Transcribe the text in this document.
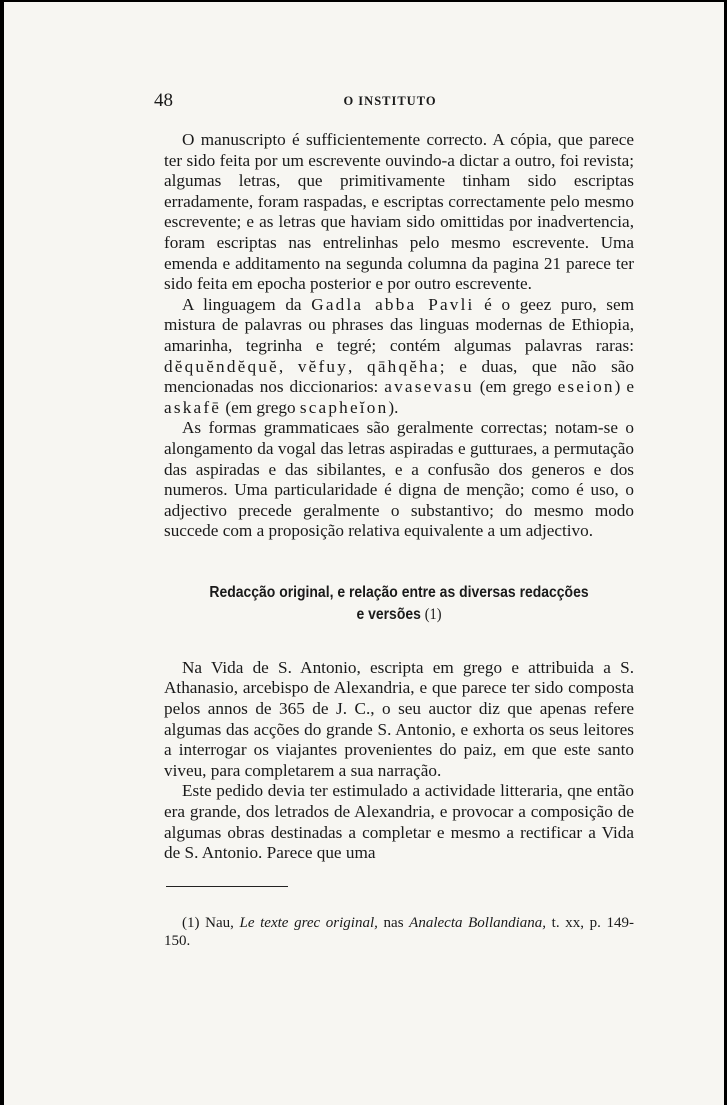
48	O INSTITUTO

O manuscripto é sufficientemente correcto. A cópia, que parece ter sido feita por um escrevente ouvindo-a dictar a outro, foi revista; algumas letras, que primitivamente tinham sido escriptas erradamente, foram raspadas, e escriptas correctamente pelo mesmo escrevente; e as letras que haviam sido omittidas por inadvertencia, foram escriptas nas entrelinhas pelo mesmo escrevente. Uma emenda e additamento na segunda columna da pagina 21 parece ter sido feita em epocha posterior e por outro escrevente.

A linguagem da Gadla abba Pavli é o geez puro, sem mistura de palavras ou phrases das linguas modernas de Ethiopia, amarinha, tegrinha e tegré; contém algumas palavras raras: dĕquĕndĕquĕ, vĕfuy, qāhqĕha; e duas, que não são mencionadas nos diccionarios: avasevasu (em grego eseion) e askafē (em grego scapheĭon).

As formas grammaticaes são geralmente correctas; notam-se o alongamento da vogal das letras aspiradas e gutturaes, a permutação das aspiradas e das sibilantes, e a confusão dos generos e dos numeros. Uma particularidade é digna de menção; como é uso, o adjectivo precede geralmente o substantivo; do mesmo modo succede com a proposição relativa equivalente a um adjectivo.

Redacção original, e relação entre as diversas redacções
e versões (1)

Na Vida de S. Antonio, escripta em grego e attribuida a S. Athanasio, arcebispo de Alexandria, e que parece ter sido composta pelos annos de 365 de J. C., o seu auctor diz que apenas refere algumas das acções do grande S. Antonio, e exhorta os seus leitores a interrogar os viajantes provenientes do paiz, em que este santo viveu, para completarem a sua narração.

Este pedido devia ter estimulado a actividade litteraria, qne então era grande, dos letrados de Alexandria, e provocar a composição de algumas obras destinadas a completar e mesmo a rectificar a Vida de S. Antonio. Parece que uma

(1) Nau, Le texte grec original, nas Analecta Bollandiana, t. xx, p. 149-150.
